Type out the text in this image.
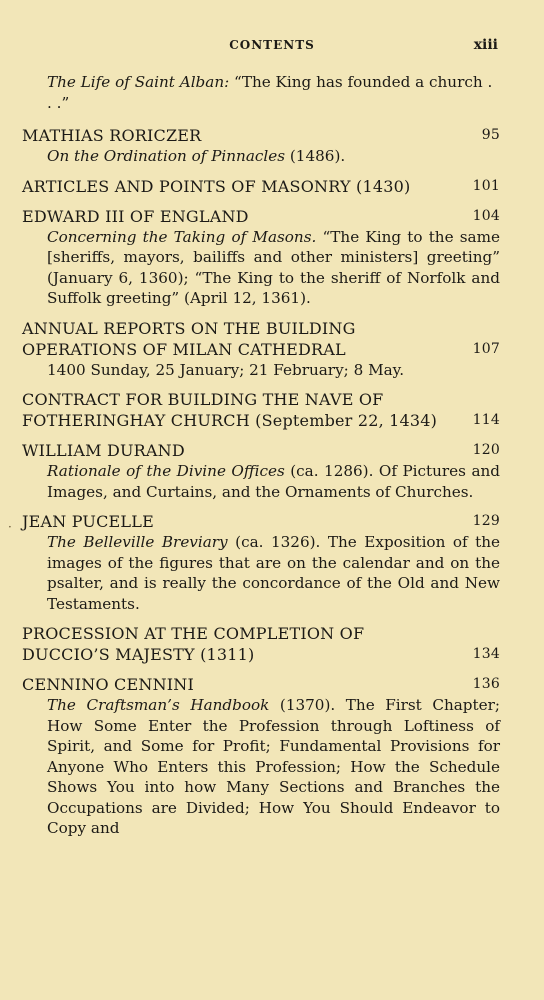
CONTENTS	xiii
The Life of Saint Alban: “The King has founded a church . . .”
MATHIAS RORICZER	95
On the Ordination of Pinnacles (1486).
ARTICLES AND POINTS OF MASONRY (1430)	101
EDWARD III OF ENGLAND	104
Concerning the Taking of Masons. “The King to the same [sheriffs, mayors, bailiffs and other ministers] greeting” (January 6, 1360); “The King to the sheriff of Norfolk and Suffolk greeting” (April 12, 1361).
ANNUAL REPORTS ON THE BUILDING OPERATIONS OF MILAN CATHEDRAL	107
1400 Sunday, 25 January; 21 February; 8 May.
CONTRACT FOR BUILDING THE NAVE OF FOTHERINGHAY CHURCH (September 22, 1434)	114
WILLIAM DURAND	120
Rationale of the Divine Offices (ca. 1286). Of Pictures and Images, and Curtains, and the Ornaments of Churches.
JEAN PUCELLE	129
The Belleville Breviary (ca. 1326). The Exposition of the images of the figures that are on the calendar and on the psalter, and is really the concordance of the Old and New Testaments.
PROCESSION AT THE COMPLETION OF DUCCIO’S MAJESTY (1311)	134
CENNINO CENNINI	136
The Craftsman’s Handbook (1370). The First Chapter; How Some Enter the Profession through Loftiness of Spirit, and Some for Profit; Fundamental Provisions for Anyone Who Enters this Profession; How the Schedule Shows You into how Many Sections and Branches the Occupations are Divided; How You Should Endeavor to Copy and
·
